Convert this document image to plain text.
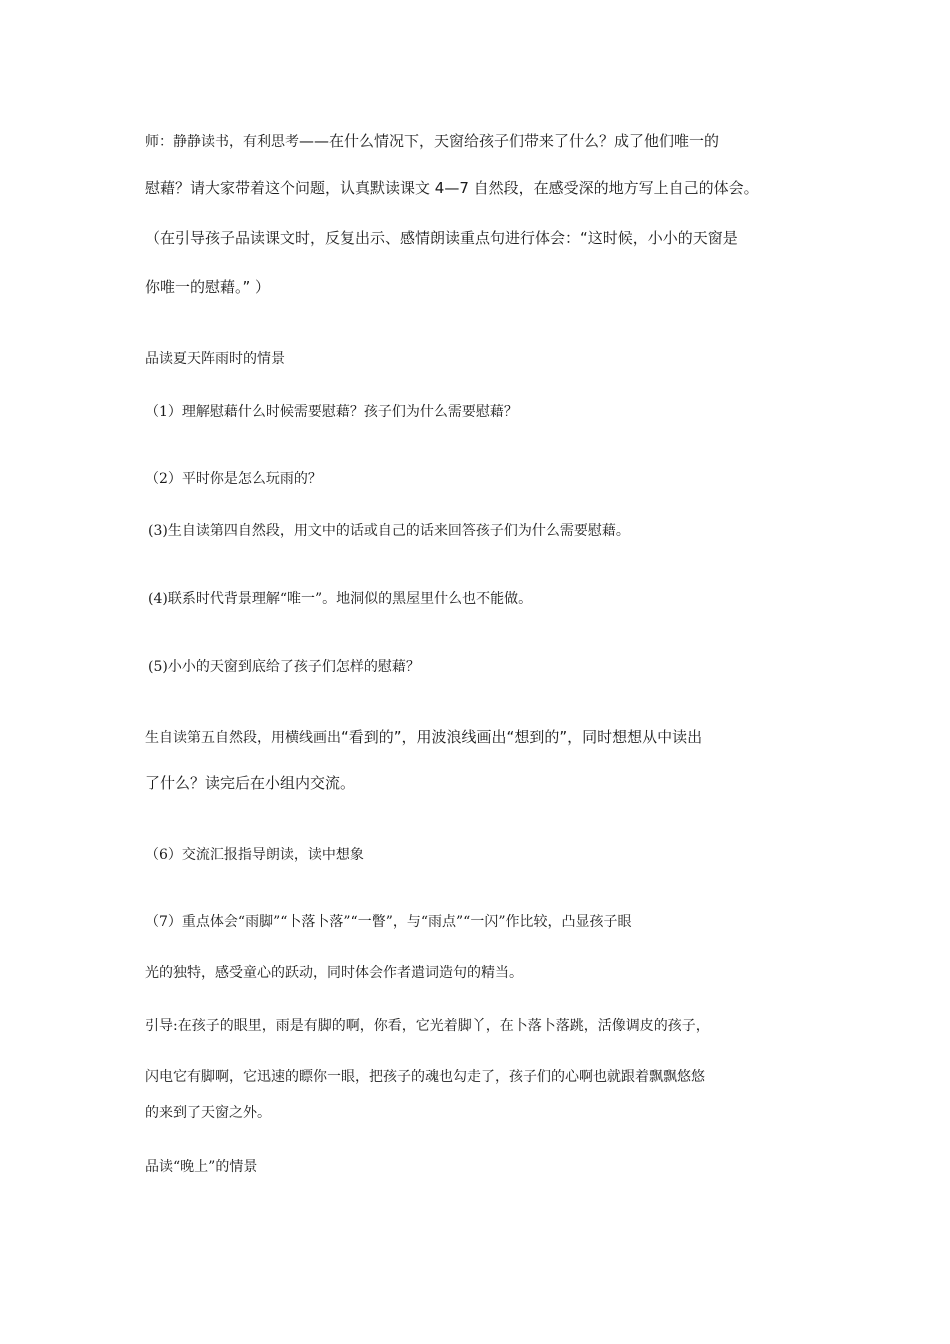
师：静静读书，有利思考——在什么情况下，天窗给孩子们带来了什么？成了他们唯一的
慰藉？请大家带着这个问题，认真默读课文 4—7 自然段，在感受深的地方写上自己的体会。
（在引导孩子品读课文时，反复出示、感情朗读重点句进行体会：“这时候，小小的天窗是
你唯一的慰藉。” ）
品读夏天阵雨时的情景
（1）理解慰藉什么时候需要慰藉？孩子们为什么需要慰藉？
（2）平时你是怎么玩雨的？
(3)生自读第四自然段，用文中的话或自己的话来回答孩子们为什么需要慰藉。
(4)联系时代背景理解“唯一”。地洞似的黑屋里什么也不能做。
(5)小小的天窗到底给了孩子们怎样的慰藉？
生自读第五自然段，用横线画出“看到的”，用波浪线画出“想到的”，同时想想从中读出
了什么？读完后在小组内交流。
（6）交流汇报指导朗读，读中想象
（7）重点体会“雨脚”“卜落卜落”“一瞥”，与“雨点”“一闪”作比较，凸显孩子眼
光的独特，感受童心的跃动，同时体会作者遣词造句的精当。
引导:在孩子的眼里，雨是有脚的啊，你看，它光着脚丫，在卜落卜落跳，活像调皮的孩子，
闪电它有脚啊，它迅速的瞟你一眼，把孩子的魂也勾走了，孩子们的心啊也就跟着飘飘悠悠
的来到了天窗之外。
品读“晚上”的情景
